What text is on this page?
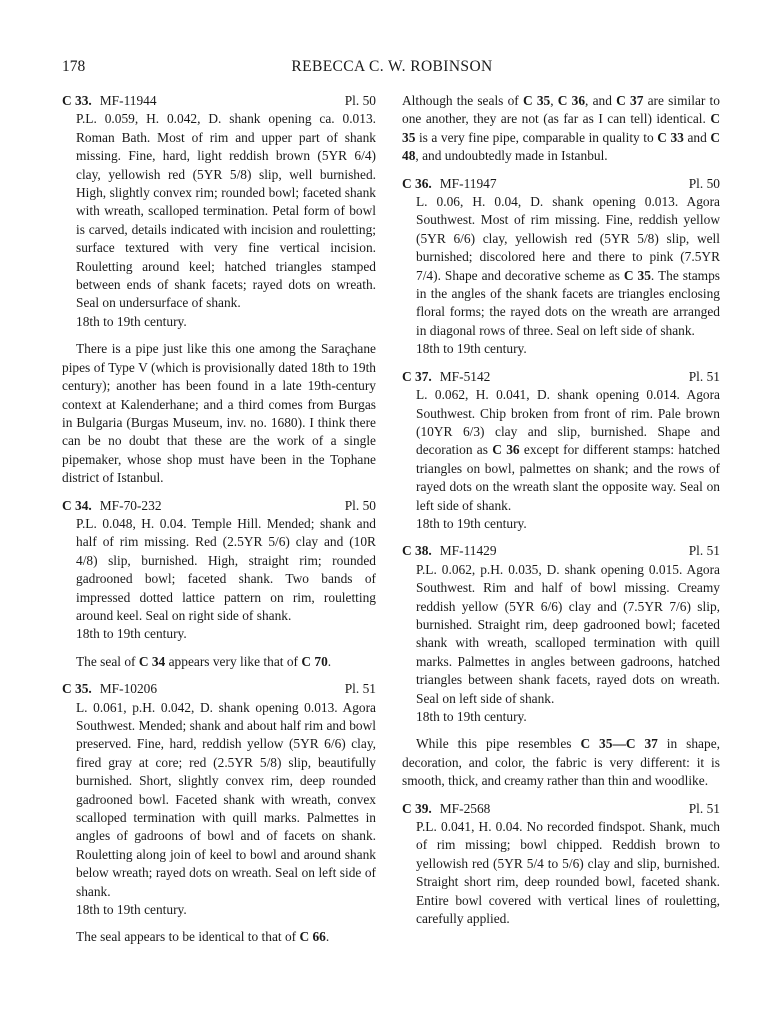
178	REBECCA C. W. ROBINSON
C 33. MF-11944	Pl. 50
P.L. 0.059, H. 0.042, D. shank opening ca. 0.013. Roman Bath. Most of rim and upper part of shank missing. Fine, hard, light reddish brown (5YR 6/4) clay, yellowish red (5YR 5/8) slip, well burnished. High, slightly convex rim; rounded bowl; faceted shank with wreath, scalloped termination. Petal form of bowl is carved, details indicated with incision and rouletting; surface textured with very fine vertical incision. Rouletting around keel; hatched triangles stamped between ends of shank facets; rayed dots on wreath. Seal on undersurface of shank.
18th to 19th century.

There is a pipe just like this one among the Saraçhane pipes of Type V (which is provisionally dated 18th to 19th century); another has been found in a late 19th-century context at Kalenderhane; and a third comes from Burgas in Bulgaria (Burgas Museum, inv. no. 1680). I think there can be no doubt that these are the work of a single pipemaker, whose shop must have been in the Tophane district of Istanbul.

C 34. MF-70-232	Pl. 50
P.L. 0.048, H. 0.04. Temple Hill. Mended; shank and half of rim missing. Red (2.5YR 5/6) clay and (10R 4/8) slip, burnished. High, straight rim; rounded gadrooned bowl; faceted shank. Two bands of impressed dotted lattice pattern on rim, rouletting around keel. Seal on right side of shank.
18th to 19th century.

The seal of C 34 appears very like that of C 70.

C 35. MF-10206	Pl. 51
L. 0.061, p.H. 0.042, D. shank opening 0.013. Agora Southwest. Mended; shank and about half rim and bowl preserved. Fine, hard, reddish yellow (5YR 6/6) clay, fired gray at core; red (2.5YR 5/8) slip, beautifully burnished. Short, slightly convex rim, deep rounded gadrooned bowl. Faceted shank with wreath, convex scalloped termination with quill marks. Palmettes in angles of gadroons of bowl and of facets on shank. Rouletting along join of keel to bowl and around shank below wreath; rayed dots on wreath. Seal on left side of shank.
18th to 19th century.

The seal appears to be identical to that of C 66.

Although the seals of C 35, C 36, and C 37 are similar to one another, they are not (as far as I can tell) identical. C 35 is a very fine pipe, comparable in quality to C 33 and C 48, and undoubtedly made in Istanbul.

C 36. MF-11947	Pl. 50
L. 0.06, H. 0.04, D. shank opening 0.013. Agora Southwest. Most of rim missing. Fine, reddish yellow (5YR 6/6) clay, yellowish red (5YR 5/8) slip, well burnished; discolored here and there to pink (7.5YR 7/4). Shape and decorative scheme as C 35. The stamps in the angles of the shank facets are triangles enclosing floral forms; the rayed dots on the wreath are arranged in diagonal rows of three. Seal on left side of shank.
18th to 19th century.
C 37. MF-5142	Pl. 51
L. 0.062, H. 0.041, D. shank opening 0.014. Agora Southwest. Chip broken from front of rim. Pale brown (10YR 6/3) clay and slip, burnished. Shape and decoration as C 36 except for different stamps: hatched triangles on bowl, palmettes on shank; and the rows of rayed dots on the wreath slant the opposite way. Seal on left side of shank.
18th to 19th century.
C 38. MF-11429	Pl. 51
P.L. 0.062, p.H. 0.035, D. shank opening 0.015. Agora Southwest. Rim and half of bowl missing. Creamy reddish yellow (5YR 6/6) clay and (7.5YR 7/6) slip, burnished. Straight rim, deep gadrooned bowl; faceted shank with wreath, scalloped termination with quill marks. Palmettes in angles between gadroons, hatched triangles between shank facets, rayed dots on wreath. Seal on left side of shank.
18th to 19th century.

While this pipe resembles C 35—C 37 in shape, decoration, and color, the fabric is very different: it is smooth, thick, and creamy rather than thin and woodlike.

C 39. MF-2568	Pl. 51
P.L. 0.041, H. 0.04. No recorded findspot. Shank, much of rim missing; bowl chipped. Reddish brown to yellowish red (5YR 5/4 to 5/6) clay and slip, burnished. Straight short rim, deep rounded bowl, faceted shank. Entire bowl covered with vertical lines of rouletting, carefully applied.
